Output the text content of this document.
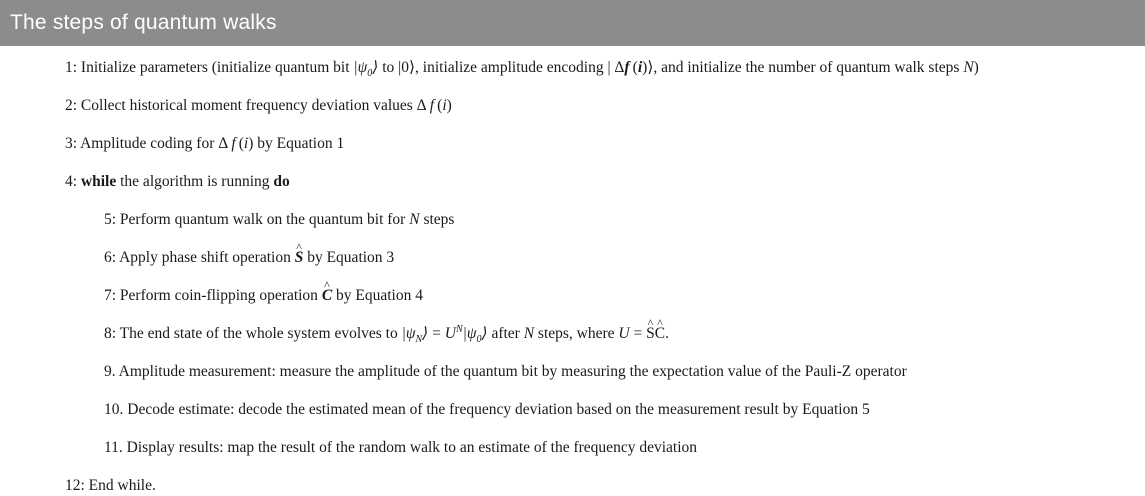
The steps of quantum walks
1: Initialize parameters (initialize quantum bit $|\psi_0⟩$ to |0⟩, initialize amplitude encoding | Δf (i)⟩, and initialize the number of quantum walk steps N)
2: Collect historical moment frequency deviation values Δ f (i)
3: Amplitude coding for Δ f (i) by Equation 1
4: while the algorithm is running do
5: Perform quantum walk on the quantum bit for N steps
6: Apply phase shift operation ^ S by Equation 3
7: Perform coin-flipping operation ^ C by Equation 4
8: The end state of the whole system evolves to $|\psi_N⟩$ = $U^N|\psi_0⟩$ after N steps, where U = ^ S^ C.
9. Amplitude measurement: measure the amplitude of the quantum bit by measuring the expectation value of the Pauli-Z operator
10. Decode estimate: decode the estimated mean of the frequency deviation based on the measurement result by Equation 5
11. Display results: map the result of the random walk to an estimate of the frequency deviation
12: End while.
